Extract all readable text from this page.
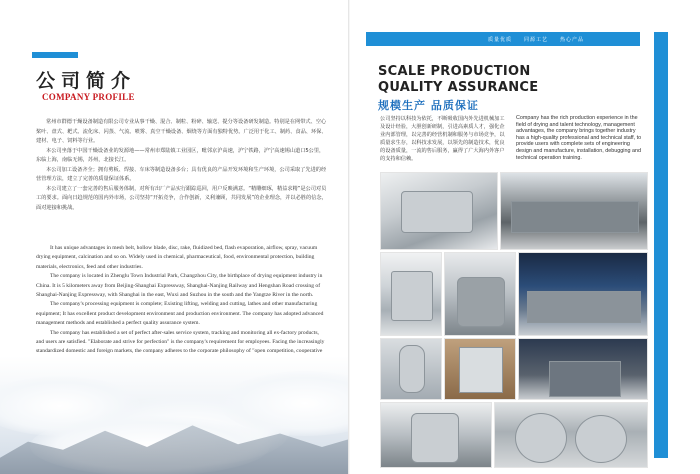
公司简介
COMPANY PROFILE

常州市群德干燥设备制造有限公司专业从事干燥、混合、制粒、粉碎、输送、提分等设备研发制造。特别是在网带式、空心桨叶、盘式、耙式、流化床、闪蒸、气流、喷雾、真空干燥设备、烟烧等方面有独特优势。广泛用于化工、制药、食品、环保、建材、电子、饲料等行业。

本公司坐落于中国干燥设备业的发源地——常州市郑陆镇工业园区，毗邻京沪高速，沪宁铁路，沪宁高速锡山道口5公里，东临上海，南临无锡，苏州，北接长江。

本公司加工设备齐全；拥有剪板、焊接、车床等制造设备多台；具有优良的产品开发环境和生产环境，公司采取了先进的经营管理方法，建立了完善的质量保证体系。

本公司建立了一套完善的售后服务体制，对所有出厂产品实行跟踪巡回，用户反映满意。“精雕细琢，精益求精”是公司对员工的要求。面向日趋规范的国内外市场，公司坚持“开拓竞争，合作创新，义利兼顾，共同发展”的企业理念，并以必胜的信念，面对迎接和挑战。

It has unique advantages in mesh belt, hollow blade, disc, rake, fluidized bed, flash evaporation, airflow, spray, vacuum drying equipment, calcination and so on. Widely used in chemical, pharmaceutical, food, environmental protection, building materials, electronics, feed and other industries.

The company is located in Zhenglu Town Industrial Park, Changzhou City, the birthplace of drying equipment industry in China. It is 5 kilometers away from Beijing-Shanghai Expressway, Shanghai-Nanjing Railway and Hengshan Road crossing of Shanghai-Nanjing Expressway, with Shanghai in the east, Wuxi and Suzhou in the south and the Yangtze River in the north.

The company's processing equipment is complete; Existing lifting, welding and cutting, lathes and other manufacturing equipment; It has excellent product development environment and production environment. The company has adopted advanced management methods and established a perfect quality assurance system.

The company has established a set of perfect after-sales service system, tracking and monitoring all ex-factory products, and users are satisfied. "Elaborate and strive for perfection" is the company's requirement for employees. Facing the increasingly standardized domestic and foreign markets, the company adheres to the corporate philosophy of "open competition, cooperative

质量优质　　同源工艺　　热心产品
SCALE PRODUCTION
QUALITY ASSURANCE
规模生产 品质保证
公司坚持以科技为依托，不断吸收国内外先进机械加工及设计经验，大胆创新研制，引进高素质人才，强化企业内部管理，以完善的经营机制和服务与市场竞争，以质量求生存，以科技求发展，以领先的制造技术，优良的设备质量，一流的售后服务，赢得了广大海内外客户的支持和信赖。
Company has the rich production experience in the field of drying and talent technology, management advantages, the company brings together industry has a high-quality professional and technical staff, to provide users with complete sets of engineering design and manufacture, installation, debugging and technical operation training.
